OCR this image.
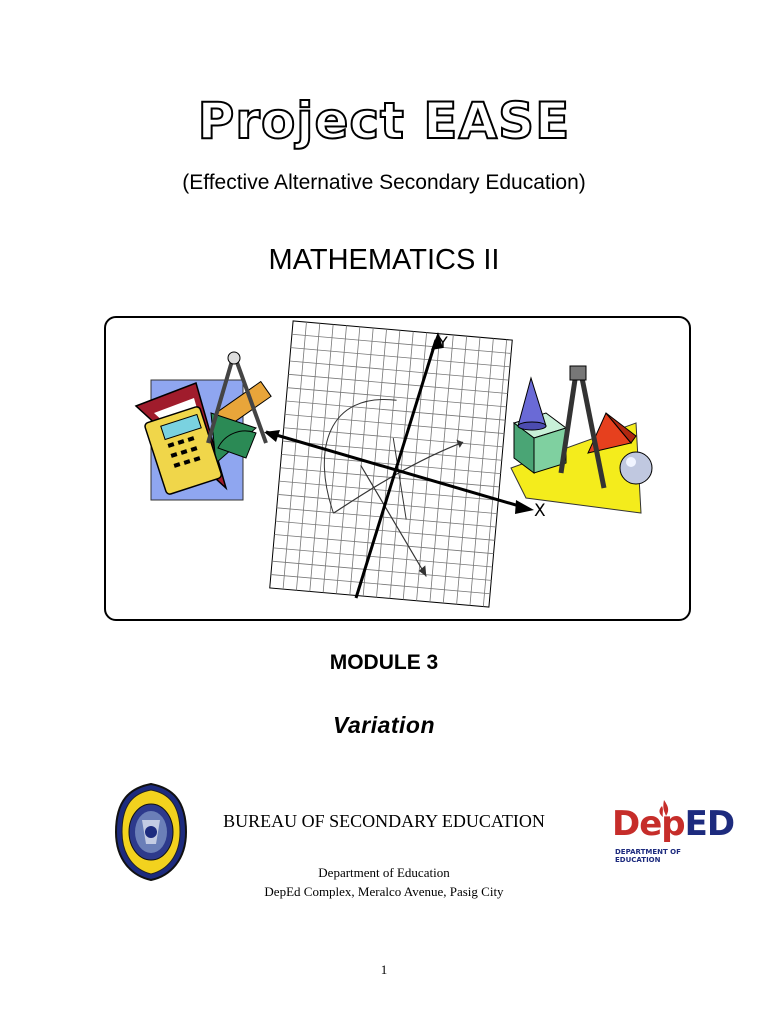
Project EASE
(Effective Alternative Secondary Education)
MATHEMATICS II
Y
X
MODULE 3
Variation
BUREAU OF SECONDARY EDUCATION
Department of Education
DepEd Complex, Meralco Avenue, Pasig City
DepED
DEPARTMENT OF EDUCATION
1
